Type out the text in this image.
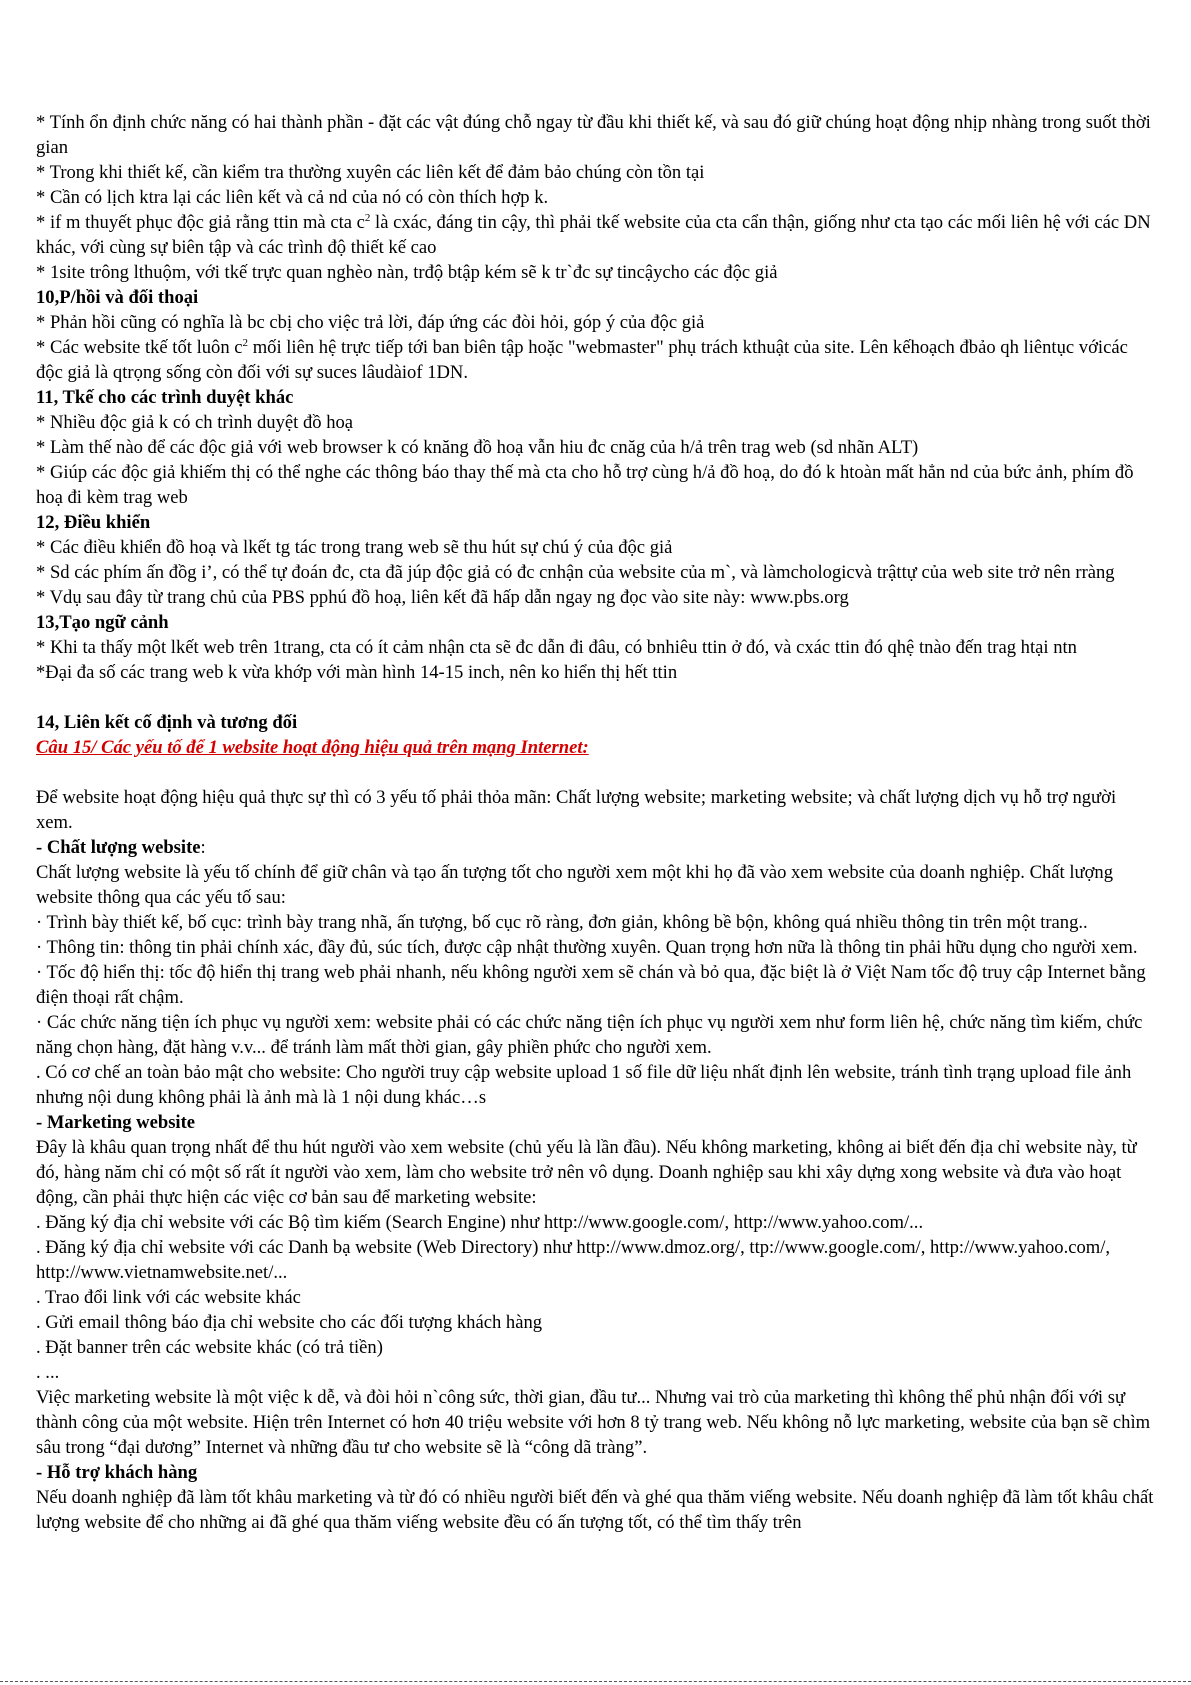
* Tính ổn định chức năng có hai thành phần - đặt các vật đúng chỗ ngay từ đầu khi thiết kế, và sau đó giữ chúng hoạt động nhịp nhàng trong suốt thời gian

* Trong khi thiết kế, cần kiểm tra thường xuyên các liên kết để đảm bảo chúng còn tồn tại

* Cần có lịch ktra lại các liên kết và cả nd của nó có còn thích hợp k.

* if m thuyết phục độc giả rằng ttin mà cta $c^2$ là cxác, đáng tin cậy, thì phải tkế website của cta cẩn thận, giống như cta tạo các mối liên hệ với các DN khác, với cùng sự biên tập và các trình độ thiết kế cao

* 1site trông lthuộm, với tkế trực quan nghèo nàn, trđộ btập kém sẽ k tr`đc sự tincậycho các độc giả

10,P/hồi và đối thoại

* Phản hồi cũng có nghĩa là bc cbị cho việc trả lời, đáp ứng các đòi hỏi, góp ý của độc giả

* Các website tkế tốt luôn $c^2$ mối liên hệ trực tiếp tới ban biên tập hoặc "webmaster" phụ trách kthuật của site. Lên kếhoạch đbảo qh liêntục vớicác độc giả là qtrọng sống còn đối với sự suces lâudàiof 1DN.

11, Tkế cho các trình duyệt khác

* Nhiều độc giả k có ch trình duyệt đồ hoạ

* Làm thế nào để các độc giả với web browser k có knăng đồ hoạ vẫn hiu đc cnăg của h/ả trên trag web (sd nhãn ALT)

* Giúp các độc giả khiếm thị có thể nghe các thông báo thay thế mà cta cho hỗ trợ cùng h/ả đồ hoạ, do đó k htoàn mất hẳn nd của bức ảnh, phím đồ hoạ đi kèm trag web

12, Điều khiển

* Các điều khiển đồ hoạ và lkết tg tác trong trang web sẽ thu hút sự chú ý của độc giả

* Sd các phím ấn đồg i’, có thể tự đoán đc, cta đã júp độc giả có đc cnhận của website của m`, và làmchologicvà trậttự của web site trở nên rràng

* Vdụ sau đây từ trang chủ của PBS pphú đồ hoạ, liên kết đã hấp dẫn ngay ng đọc vào site này: www.pbs.org

13,Tạo ngữ cảnh

* Khi ta thấy một lkết web trên 1trang, cta có ít cảm nhận cta sẽ đc dẫn đi đâu, có bnhiêu ttin ở đó, và cxác ttin đó qhệ tnào đến trag htại ntn

*Đại đa số các trang web k vừa khớp với màn hình 14-15 inch, nên ko hiển thị hết ttin

14, Liên kết cố định và tương đối

Câu 15/ Các yếu tố để 1 website hoạt động hiệu quả trên mạng Internet:

Để website hoạt động hiệu quả thực sự thì có 3 yếu tố phải thỏa mãn: Chất lượng website; marketing website; và chất lượng dịch vụ hỗ trợ người xem.

- Chất lượng website:

Chất lượng website là yếu tố chính để giữ chân và tạo ấn tượng tốt cho người xem một khi họ đã vào xem website của doanh nghiệp. Chất lượng website thông qua các yếu tố sau:

· Trình bày thiết kế, bố cục: trình bày trang nhã, ấn tượng, bố cục rõ ràng, đơn giản, không bề bộn, không quá nhiều thông tin trên một trang..

· Thông tin: thông tin phải chính xác, đầy đủ, súc tích, được cập nhật thường xuyên. Quan trọng hơn nữa là thông tin phải hữu dụng cho người xem.

· Tốc độ hiển thị: tốc độ hiển thị trang web phải nhanh, nếu không người xem sẽ chán và bỏ qua, đặc biệt là ở Việt Nam tốc độ truy cập Internet bằng điện thoại rất chậm.

· Các chức năng tiện ích phục vụ người xem: website phải có các chức năng tiện ích phục vụ người xem như form liên hệ, chức năng tìm kiếm, chức năng chọn hàng, đặt hàng v.v... để tránh làm mất thời gian, gây phiền phức cho người xem.

. Có cơ chế an toàn bảo mật cho website: Cho người truy cập website upload 1 số file dữ liệu nhất định lên website, tránh tình trạng upload file ảnh nhưng nội dung không phải là ảnh mà là 1 nội dung khác…s

- Marketing website

Đây là khâu quan trọng nhất để thu hút người vào xem website (chủ yếu là lần đầu). Nếu không marketing, không ai biết đến địa chỉ website này, từ đó, hàng năm chỉ có một số rất ít người vào xem, làm cho website trở nên vô dụng. Doanh nghiệp sau khi xây dựng xong website và đưa vào hoạt động, cần phải thực hiện các việc cơ bản sau để marketing website:

. Đăng ký địa chỉ website với các Bộ tìm kiếm (Search Engine) như http://www.google.com/, http://www.yahoo.com/...

. Đăng ký địa chỉ website với các Danh bạ website (Web Directory) như http://www.dmoz.org/, ttp://www.google.com/, http://www.yahoo.com/, http://www.vietnamwebsite.net/...

. Trao đổi link với các website khác

. Gửi email thông báo địa chỉ website cho các đối tượng khách hàng

. Đặt banner trên các website khác (có trả tiền)

. ...

Việc marketing website là một việc k dễ, và đòi hỏi n`công sức, thời gian, đầu tư... Nhưng vai trò của marketing thì không thể phủ nhận đối với sự thành công của một website. Hiện trên Internet có hơn 40 triệu website với hơn 8 tỷ trang web. Nếu không nỗ lực marketing, website của bạn sẽ chìm sâu trong “đại dương” Internet và những đầu tư cho website sẽ là “công dã tràng”.

- Hỗ trợ khách hàng

Nếu doanh nghiệp đã làm tốt khâu marketing và từ đó có nhiều người biết đến và ghé qua thăm viếng website. Nếu doanh nghiệp đã làm tốt khâu chất lượng website để cho những ai đã ghé qua thăm viếng website đều có ấn tượng tốt, có thể tìm thấy trên
